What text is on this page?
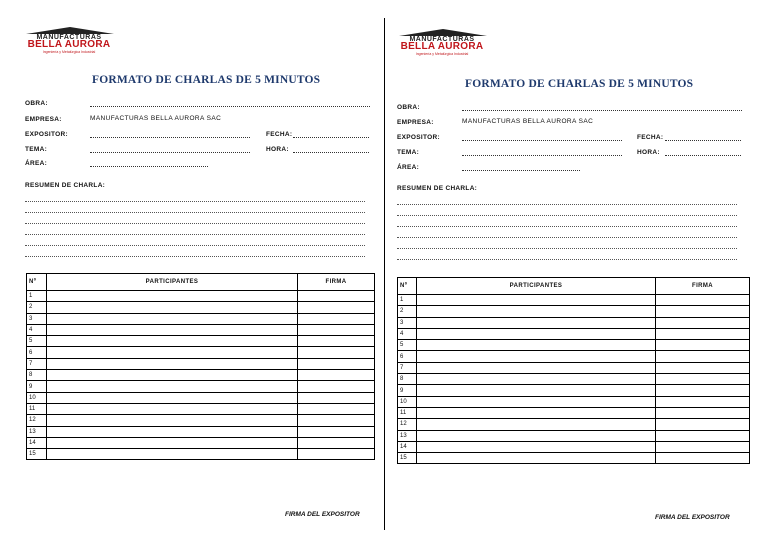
MANUFACTURAS
BELLA AURORA
Ingeniería y Metalúrgica Industrial
FORMATO DE CHARLAS DE 5 MINUTOS
OBRA:
EMPRESA:	MANUFACTURAS BELLA AURORA SAC
EXPOSITOR:	FECHA:
TEMA:	HORA:
ÁREA:
RESUMEN DE CHARLA:
Nº	PARTICIPANTES	FIRMA
1		
2		
3		
4		
5		
6		
7		
8		
9		
10		
11		
12		
13		
14		
15		
FIRMA DEL EXPOSITOR
MANUFACTURAS
BELLA AURORA
Ingeniería y Metalúrgica Industrial
FORMATO DE CHARLAS DE 5 MINUTOS
OBRA:
EMPRESA:	MANUFACTURAS BELLA AURORA SAC
EXPOSITOR:	FECHA:
TEMA:	HORA:
ÁREA:
RESUMEN DE CHARLA:
Nº	PARTICIPANTES	FIRMA
1		
2		
3		
4		
5		
6		
7		
8		
9		
10		
11		
12		
13		
14		
15		
FIRMA DEL EXPOSITOR
